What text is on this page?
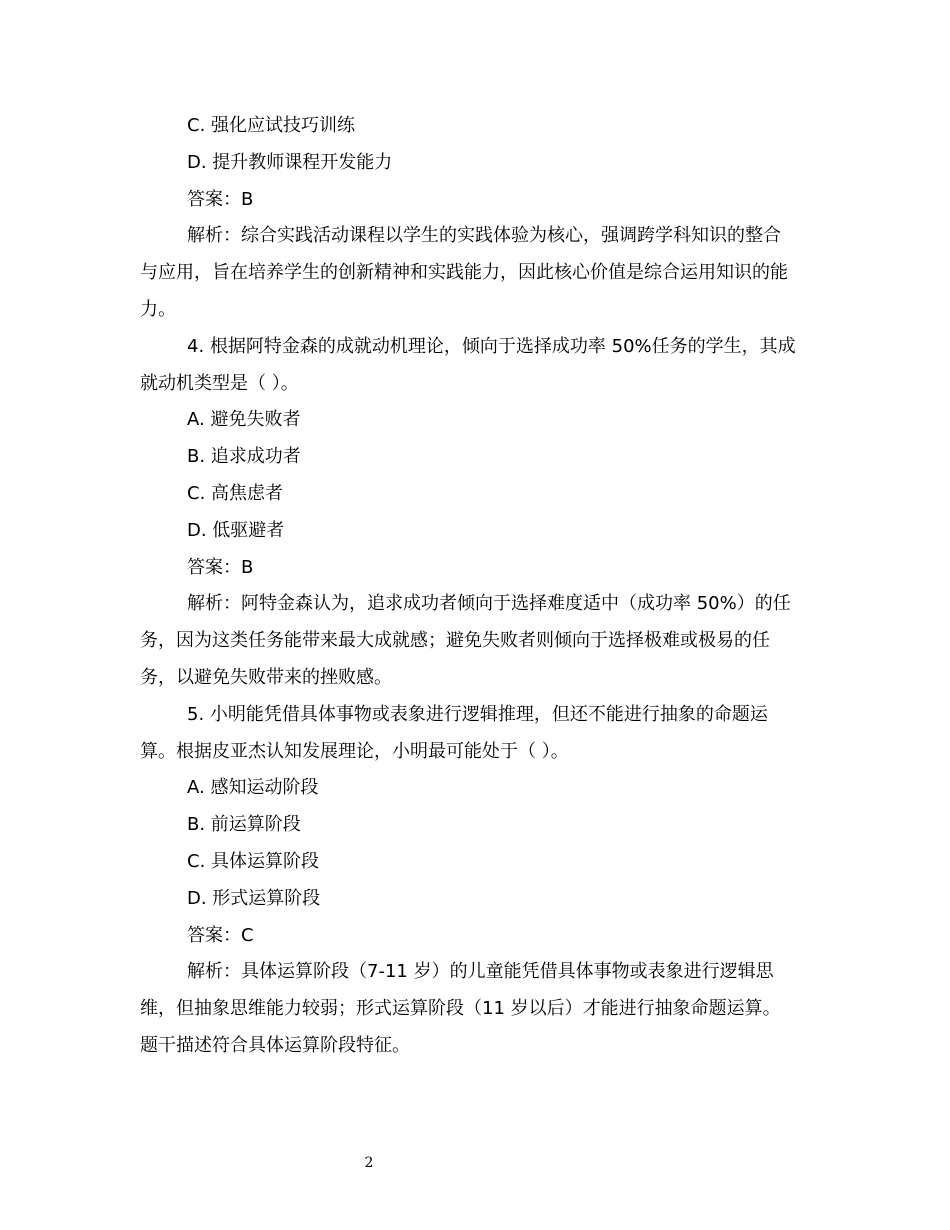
C. 强化应试技巧训练
D. 提升教师课程开发能力
答案：B
解析：综合实践活动课程以学生的实践体验为核心，强调跨学科知识的整合
与应用，旨在培养学生的创新精神和实践能力，因此核心价值是综合运用知识的能
力。
4. 根据阿特金森的成就动机理论，倾向于选择成功率 50%任务的学生，其成
就动机类型是（ ）。
A. 避免失败者
B. 追求成功者
C. 高焦虑者
D. 低驱避者
答案：B
解析：阿特金森认为，追求成功者倾向于选择难度适中（成功率 50%）的任
务，因为这类任务能带来最大成就感；避免失败者则倾向于选择极难或极易的任
务，以避免失败带来的挫败感。
5. 小明能凭借具体事物或表象进行逻辑推理，但还不能进行抽象的命题运
算。根据皮亚杰认知发展理论，小明最可能处于（ ）。
A. 感知运动阶段
B. 前运算阶段
C. 具体运算阶段
D. 形式运算阶段
答案：C
解析：具体运算阶段（7-11 岁）的儿童能凭借具体事物或表象进行逻辑思
维，但抽象思维能力较弱；形式运算阶段（11 岁以后）才能进行抽象命题运算。
题干描述符合具体运算阶段特征。
2
